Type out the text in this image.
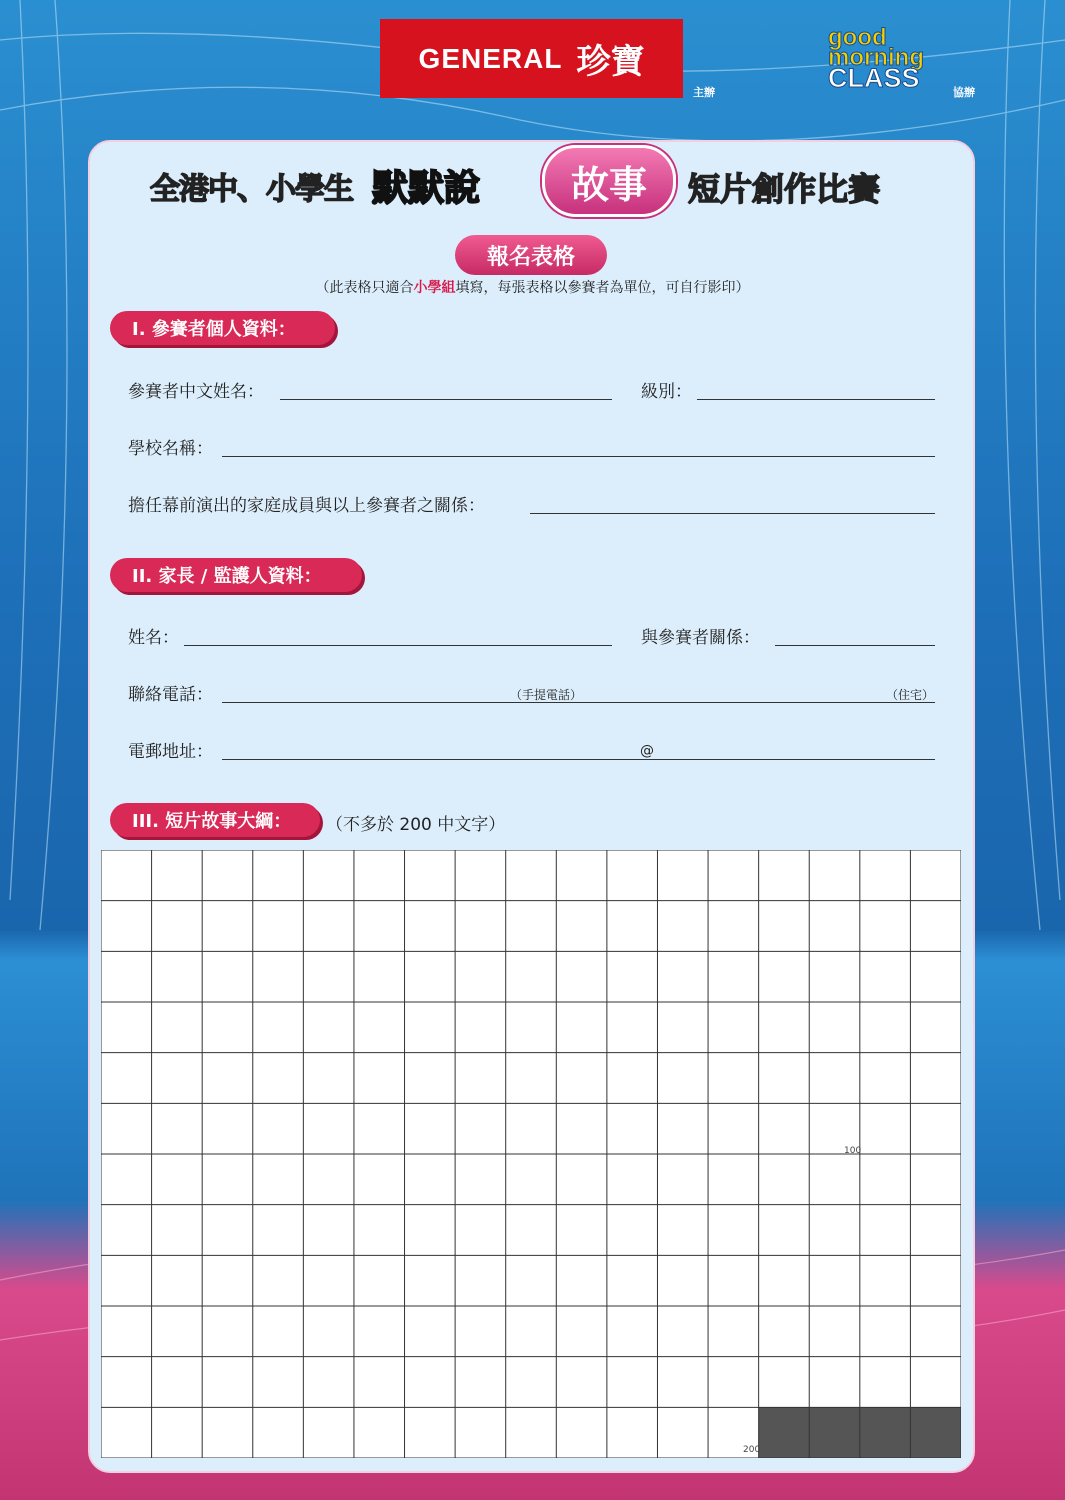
GENERAL 珍寶
主辦
good
morning
CLASS	協辦
全港中、小學生 默默說	故事	短片創作比賽
報名表格
（此表格只適合小學組填寫，每張表格以參賽者為單位，可自行影印）
I. 參賽者個人資料：
參賽者中文姓名：	級別：
學校名稱：
擔任幕前演出的家庭成員與以上參賽者之關係：
II. 家長 / 監護人資料：
姓名：	與參賽者關係：
聯絡電話：	（手提電話）	（住宅）
電郵地址：	@
III. 短片故事大綱：	（不多於 200 中文字）
100
200
